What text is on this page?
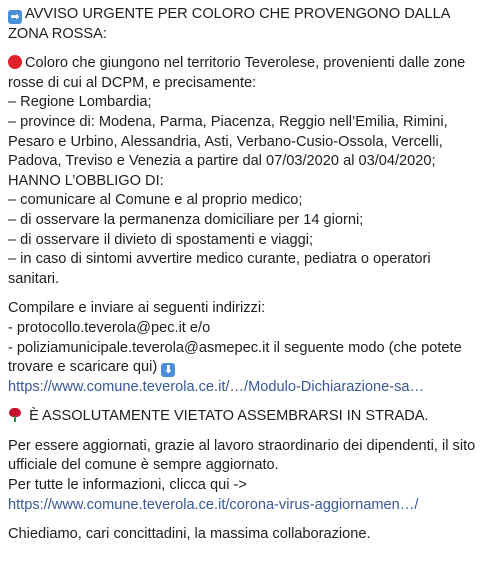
➡ AVVISO URGENTE PER COLORO CHE PROVENGONO DALLA
ZONA ROSSA:
Coloro che giungono nel territorio Teverolese, provenienti dalle zone
rosse di cui al DCPM, e precisamente:
– Regione Lombardia;
– province di: Modena, Parma, Piacenza, Reggio nell’Emilia, Rimini,
Pesaro e Urbino, Alessandria, Asti, Verbano-Cusio-Ossola, Vercelli,
Padova, Treviso e Venezia a partire dal 07/03/2020 al 03/04/2020;
HANNO L’OBBLIGO DI:
– comunicare al Comune e al proprio medico;
– di osservare la permanenza domiciliare per 14 giorni;
– di osservare il divieto di spostamenti e viaggi;
– in caso di sintomi avvertire medico curante, pediatra o operatori
sanitari.
Compilare e inviare ai seguenti indirizzi:
- protocollo.teverola@pec.it e/o
- poliziamunicipale.teverola@asmepec.it il seguente modo (che potete
trovare e scaricare qui) ⬇
https://www.comune.teverola.ce.it/…/Modulo-Dichiarazione-sa…
È ASSOLUTAMENTE VIETATO ASSEMBRARSI IN STRADA.
Per essere aggiornati, grazie al lavoro straordinario dei dipendenti, il sito
ufficiale del comune è sempre aggiornato.
Per tutte le informazioni, clicca qui ->
https://www.comune.teverola.ce.it/corona-virus-aggiornamen…/
Chiediamo, cari concittadini, la massima collaborazione.
